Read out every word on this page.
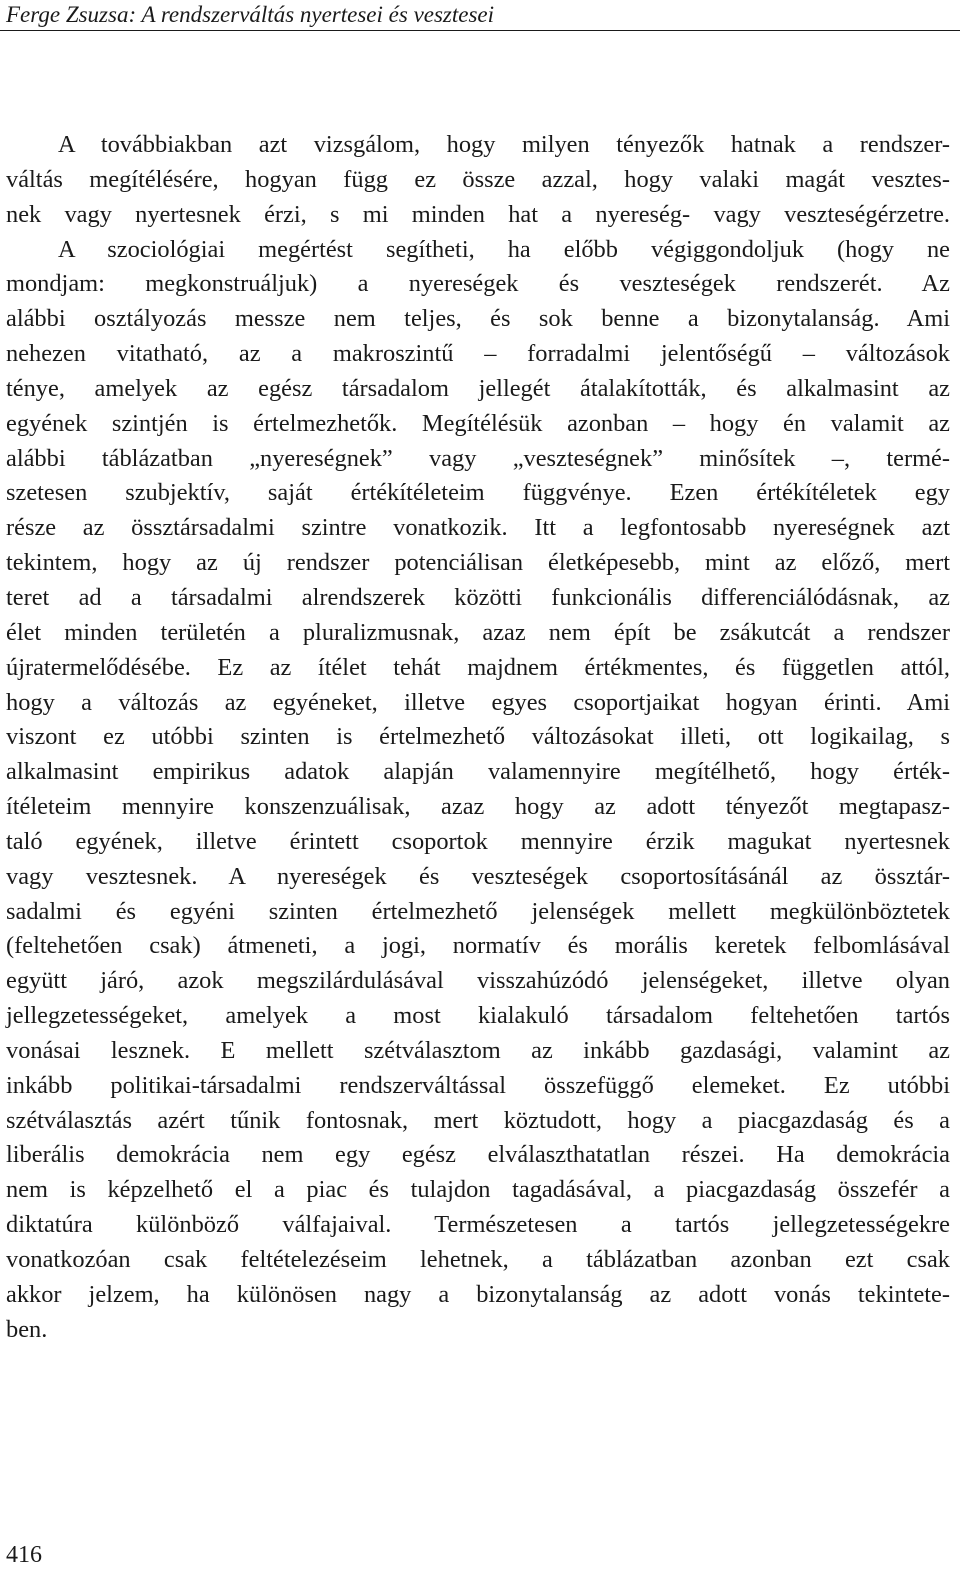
Ferge Zsuzsa: A rendszerváltás nyertesei és vesztesei
A továbbiakban azt vizsgálom, hogy milyen tényezők hatnak a rendszer-
váltás megítélésére, hogyan függ ez össze azzal, hogy valaki magát vesztes-
nek vagy nyertesnek érzi, s mi minden hat a nyereség- vagy veszteségérzetre.
A szociológiai megértést segítheti, ha előbb végiggondoljuk (hogy ne
mondjam: megkonstruáljuk) a nyereségek és veszteségek rendszerét. Az
alábbi osztályozás messze nem teljes, és sok benne a bizonytalanság. Ami
nehezen vitatható, az a makroszintű – forradalmi jelentőségű – változások
ténye, amelyek az egész társadalom jellegét átalakították, és alkalmasint az
egyének szintjén is értelmezhetők. Megítélésük azonban – hogy én valamit az
alábbi táblázatban „nyereségnek” vagy „veszteségnek” minősítek –, termé-
szetesen szubjektív, saját értékítéleteim függvénye. Ezen értékítéletek egy
része az össztársadalmi szintre vonatkozik. Itt a legfontosabb nyereségnek azt
tekintem, hogy az új rendszer potenciálisan életképesebb, mint az előző, mert
teret ad a társadalmi alrendszerek közötti funkcionális differenciálódásnak, az
élet minden területén a pluralizmusnak, azaz nem épít be zsákutcát a rendszer
újratermelődésébe. Ez az ítélet tehát majdnem értékmentes, és független attól,
hogy a változás az egyéneket, illetve egyes csoportjaikat hogyan érinti. Ami
viszont ez utóbbi szinten is értelmezhető változásokat illeti, ott logikailag, s
alkalmasint empirikus adatok alapján valamennyire megítélhető, hogy érték-
ítéleteim mennyire konszenzuálisak, azaz hogy az adott tényezőt megtapasz-
taló egyének, illetve érintett csoportok mennyire érzik magukat nyertesnek
vagy vesztesnek. A nyereségek és veszteségek csoportosításánál az össztár-
sadalmi és egyéni szinten értelmezhető jelenségek mellett megkülönböztetek
(feltehetően csak) átmeneti, a jogi, normatív és morális keretek felbomlásával
együtt járó, azok megszilárdulásával visszahúzódó jelenségeket, illetve olyan
jellegzetességeket, amelyek a most kialakuló társadalom feltehetően tartós
vonásai lesznek. E mellett szétválasztom az inkább gazdasági, valamint az
inkább politikai-társadalmi rendszerváltással összefüggő elemeket. Ez utóbbi
szétválasztás azért tűnik fontosnak, mert köztudott, hogy a piacgazdaság és a
liberális demokrácia nem egy egész elválaszthatatlan részei. Ha demokrácia
nem is képzelhető el a piac és tulajdon tagadásával, a piacgazdaság összefér a
diktatúra különböző válfajaival. Természetesen a tartós jellegzetességekre
vonatkozóan csak feltételezéseim lehetnek, a táblázatban azonban ezt csak
akkor jelzem, ha különösen nagy a bizonytalanság az adott vonás tekintete-
ben.
416
